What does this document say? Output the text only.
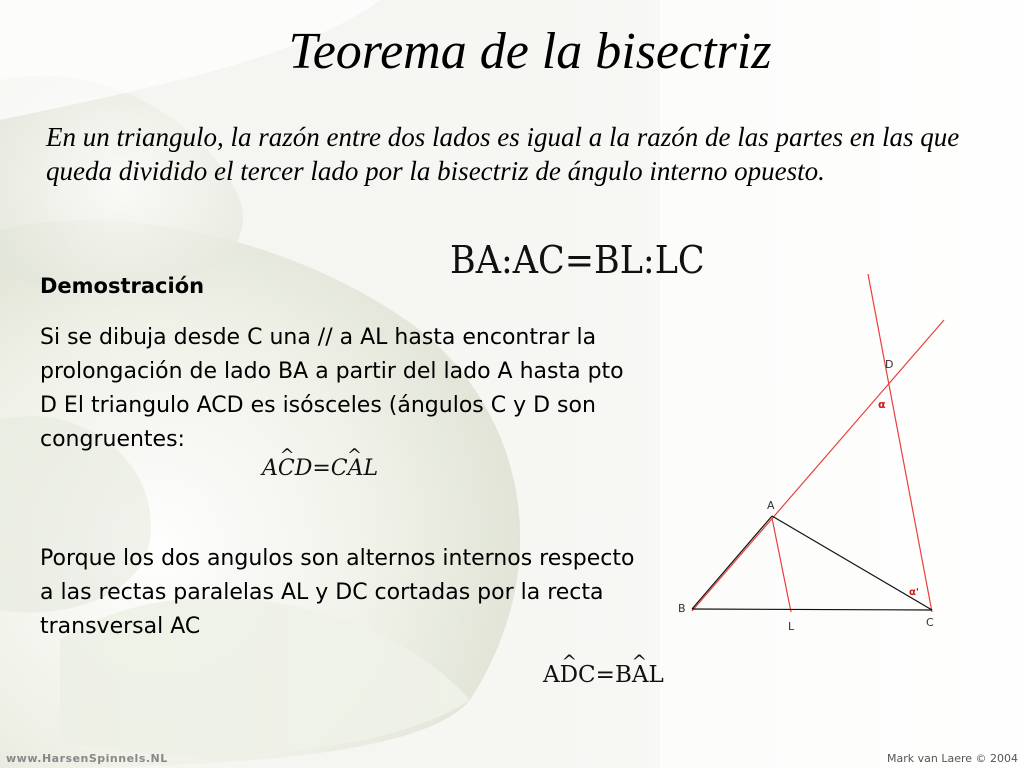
Teorema de la bisectriz

En un triangulo, la razón entre dos lados es igual a la razón de las partes en las que queda dividido el tercer lado por la bisectriz de ángulo interno opuesto.

BA:AC=BL:LC

Demostración

Si se dibuja desde C una // a AL hasta encontrar la prolongación de lado BA a partir del lado A hasta pto D El triangulo ACD es isósceles (ángulos C y D son congruentes:

^ ACD=^ CAL

Porque los dos angulos son alternos internos respecto a las rectas paralelas AL y DC cortadas por la recta transversal AC

^ ADC=^ BAL
D
A
B
L	C
α
α'
www.HarsenSpinnels.NL	Mark van Laere © 2004
